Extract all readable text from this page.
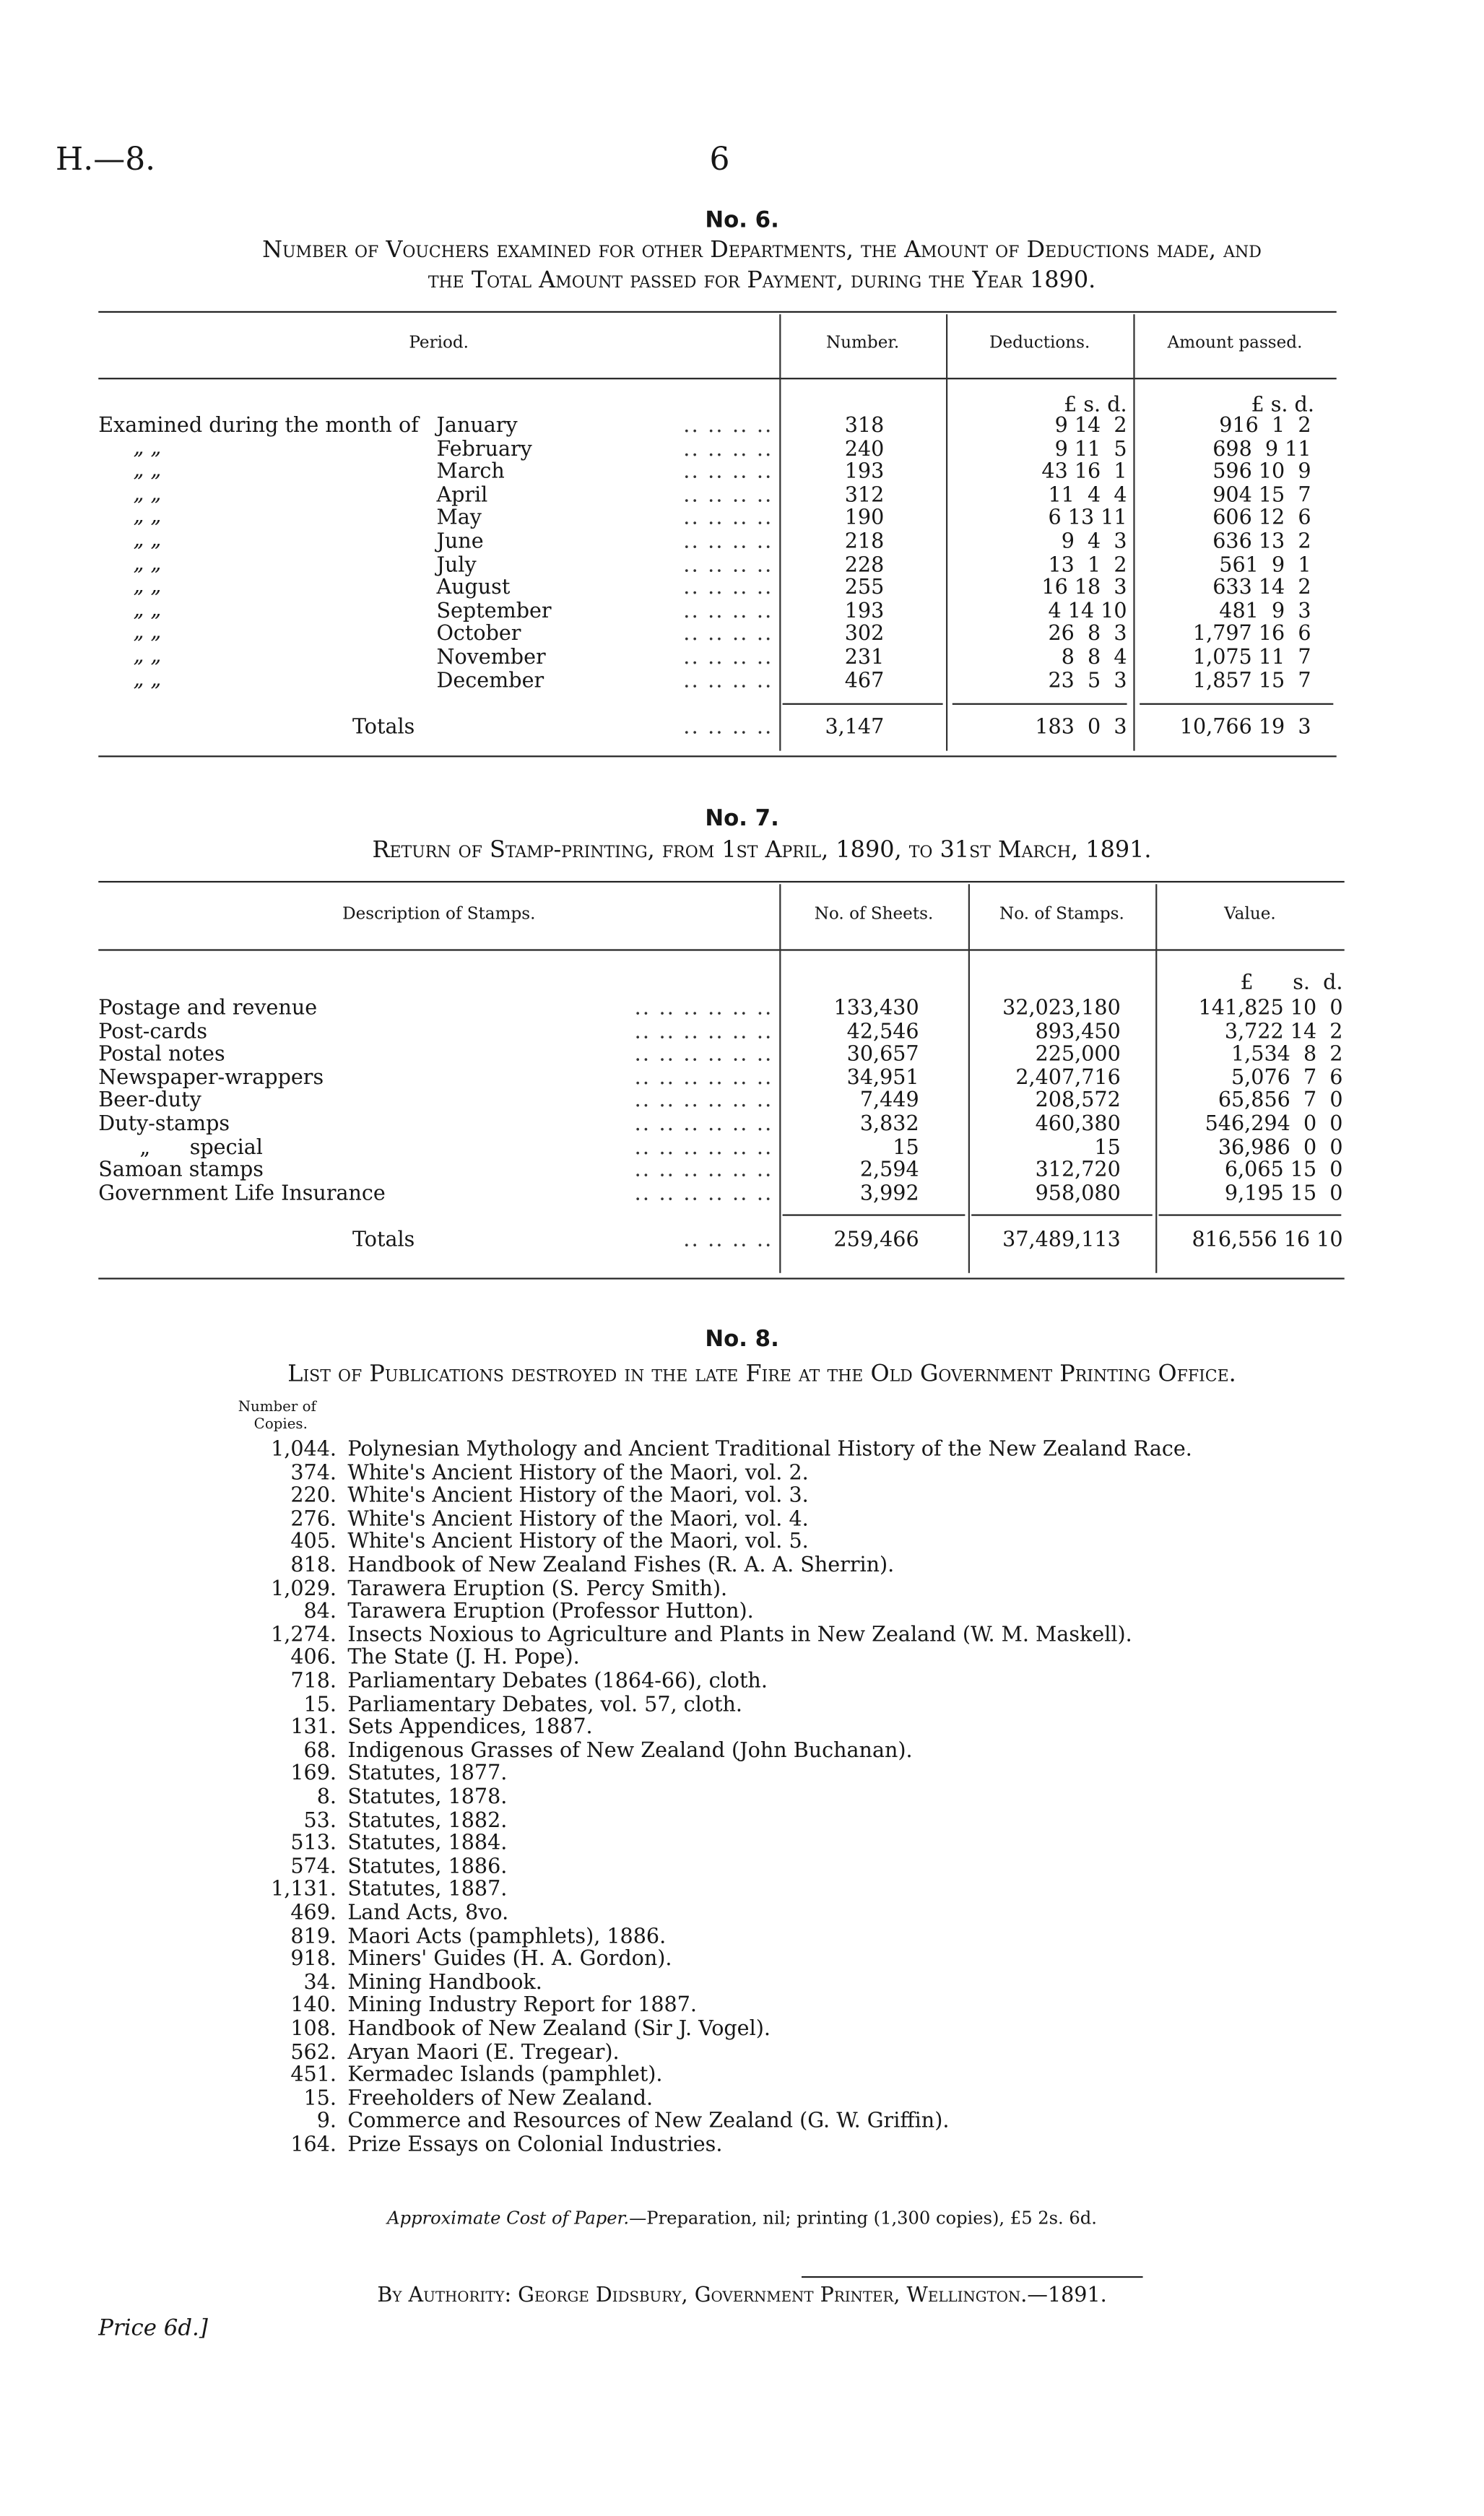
H.—8.	6
No. 6.
Number of Vouchers examined for other Departments, the Amount of Deductions made, and
the Total Amount passed for Payment, during the Year 1890.
Period.	Number.	Deductions.	Amount passed.
£ s. d.	£ s. d.
Examined during the month of January	.. .. .. ..	318	9 14  2	916  1  2
„ „	February	.. .. .. ..	240	9 11  5	698  9 11
„ „	March	.. .. .. ..	193	43 16  1	596 10  9
„ „	April	.. .. .. ..	312	11  4  4	904 15  7
„ „	May	.. .. .. ..	190	6 13 11	606 12  6
„ „	June	.. .. .. ..	218	9  4  3	636 13  2
„ „	July	.. .. .. ..	228	13  1  2	561  9  1
„ „	August	.. .. .. ..	255	16 18  3	633 14  2
„ „	September	.. .. .. ..	193	4 14 10	481  9  3
„ „	October	.. .. .. ..	302	26  8  3	1,797 16  6
„ „	November	.. .. .. ..	231	8  8  4	1,075 11  7
„ „	December	.. .. .. ..	467	23  5  3	1,857 15  7
Totals	.. .. .. ..	3,147	183  0  3	10,766 19  3
No. 7.
Return of Stamp-printing, from 1st April, 1890, to 31st March, 1891.
Description of Stamps.	No. of Sheets.	No. of Stamps.	Value.
£      s.  d.
Postage and revenue	.. .. .. .. .. ..	133,430	32,023,180	141,825 10  0
Post-cards	.. .. .. .. .. ..	42,546	893,450	3,722 14  2
Postal notes	.. .. .. .. .. ..	30,657	225,000	1,534  8  2
Newspaper-wrappers	.. .. .. .. .. ..	34,951	2,407,716	5,076  7  6
Beer-duty	.. .. .. .. .. ..	7,449	208,572	65,856  7  0
Duty-stamps	.. .. .. .. .. ..	3,832	460,380	546,294  0  0
„      special	.. .. .. .. .. ..	15	15	36,986  0  0
Samoan stamps	.. .. .. .. .. ..	2,594	312,720	6,065 15  0
Government Life Insurance	.. .. .. .. .. ..	3,992	958,080	9,195 15  0
Totals	.. .. .. ..	259,466	37,489,113	816,556 16 10
No. 8.
List of Publications destroyed in the late Fire at the Old Government Printing Office.
Number of
Copies.
1,044. Polynesian Mythology and Ancient Traditional History of the New Zealand Race.
374. White's Ancient History of the Maori, vol. 2.
220. White's Ancient History of the Maori, vol. 3.
276. White's Ancient History of the Maori, vol. 4.
405. White's Ancient History of the Maori, vol. 5.
818. Handbook of New Zealand Fishes (R. A. A. Sherrin).
1,029. Tarawera Eruption (S. Percy Smith).
84. Tarawera Eruption (Professor Hutton).
1,274. Insects Noxious to Agriculture and Plants in New Zealand (W. M. Maskell).
406. The State (J. H. Pope).
718. Parliamentary Debates (1864-66), cloth.
15. Parliamentary Debates, vol. 57, cloth.
131. Sets Appendices, 1887.
68. Indigenous Grasses of New Zealand (John Buchanan).
169. Statutes, 1877.
8. Statutes, 1878.
53. Statutes, 1882.
513. Statutes, 1884.
574. Statutes, 1886.
1,131. Statutes, 1887.
469. Land Acts, 8vo.
819. Maori Acts (pamphlets), 1886.
918. Miners' Guides (H. A. Gordon).
34. Mining Handbook.
140. Mining Industry Report for 1887.
108. Handbook of New Zealand (Sir J. Vogel).
562. Aryan Maori (E. Tregear).
451. Kermadec Islands (pamphlet).
15. Freeholders of New Zealand.
9. Commerce and Resources of New Zealand (G. W. Griffin).
164. Prize Essays on Colonial Industries.
Approximate Cost of Paper.—Preparation, nil; printing (1,300 copies), £5 2s. 6d.
By Authority: George Didsbury, Government Printer, Wellington.—1891.
Price 6d.]
